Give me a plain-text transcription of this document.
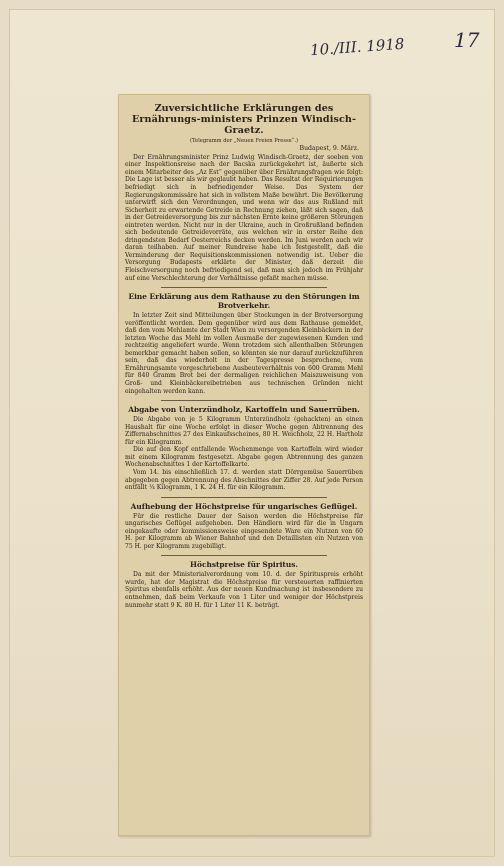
10./III. 1918 17
Zuversichtliche Erklärungen des Ernährungs-ministers Prinzen Windisch-Graetz.
(Telegramm der „Neuen Freien Presse“.)
Budapest, 9. März.

Der Ernährungsminister Prinz Ludwig Windisch-Graetz, der soeben von einer Inspektionsreise nach der Bacska zurückgekehrt ist, äußerte sich einem Mitarbeiter des „Az Est“ gegenüber über Ernährungsfragen wie folgt: Die Lage ist besser als wir geglaubt haben. Das Resultat der Requirierungen befriedigt sich in befriedigender Weise. Das System der Regierungskommissäre hat sich in vollstem Maße bewährt. Die Bevölkerung unterwirft sich den Verordnungen, und wenn wir das aus Rußland mit Sicherheit zu erwartende Getreide in Rechnung ziehen, läßt sich sagen, daß in der Getreideversorgung bis zur nächsten Ernte keine größeren Störungen eintreten werden. Nicht nur in der Ukraine, auch in Großrußland befinden sich bedeutende Getreidevorräte, aus welchen wir in erster Reihe den dringendsten Bedarf Oesterreichs decken werden. Im Juni werden auch wir daran teilhaben. Auf meiner Rundreise habe ich festgestellt, daß die Verminderung der Requisitionskommissionen notwendig ist. Ueber die Versorgung Budapests erklärte der Minister, daß derzeit die Fleischversorgung noch befriedigend sei, daß man sich jedoch im Frühjahr auf eine Verschlechterung der Verhältnisse gefaßt machen müsse.

Eine Erklärung aus dem Rathause zu den Störungen im Brotverkehr.

In letzter Zeit sind Mitteilungen über Stockungen in der Brotversorgung veröffentlicht worden. Dem gegenüber wird aus dem Rathause gemeldet, daß den vom Mehlamte der Stadt Wien zu versorgenden Kleinbäckern in der letzten Woche das Mehl im vollen Ausmaße der zugewiesenen Kunden und rechtzeitig angeliefert wurde. Wenn trotzdem sich allenthalben Störungen bemerkbar gemacht haben sollen, so könnten sie nur darauf zurückzuführen sein, daß das wiederholt in der Tagespresse besprochene, vom Ernährungsamte vorgeschriebene Ausbeuteverhältnis von 600 Gramm Mehl für 840 Gramm Brot bei der dermaligen reichlichen Maiszuweisung von Groß- und Kleinbäckereibetrieben aus technischen Gründen nicht eingehalten werden kann.

Abgabe von Unterzündholz, Kartoffeln und Sauerrüben.

Die Abgabe von je 5 Kilogramm Unterzündholz (gehackten) an einen Haushalt für eine Woche erfolgt in dieser Woche gegen Abtrennung des Ziffernabschnittes 27 des Einkaufsscheines, 80 H. Weichholz, 22 H. Hartholz für ein Kilogramm.

Die auf den Kopf entfallende Wochenmenge von Kartoffeln wird wieder mit einem Kilogramm festgesetzt. Abgabe gegen Abtrennung des ganzen Wochenabschnittes 1 der Kartoffelkarte.

Vom 14. bis einschließlich 17. d. werden statt Dörrgemüse Sauerrüben abgegeben gegen Abtrennung des Abschnittes der Ziffer 28. Auf jede Person entfällt ¼ Kilogramm, 1 K. 24 H. für ein Kilogramm.

Aufhebung der Höchstpreise für ungarisches Geflügel.

Für die restliche Dauer der Saison werden die Höchstpreise für ungarisches Geflügel aufgehoben. Den Händlern wird für die in Ungarn eingekaufte oder kommissionsweise eingesendete Ware ein Nutzen von 60 H. per Kilogramm ab Wiener Bahnhof und den Detaillisten ein Nutzen von 75 H. per Kilogramm zugebilligt.

Höchstpreise für Spiritus.

Da mit der Ministerialverordnung vom 10. d. der Spirituspreis erhöht wurde, hat der Magistrat die Höchstpreise für versteuerten raffinierten Spiritus ebenfalls erhöht. Aus der neuen Kundmachung ist insbesondere zu entnehmen, daß beim Verkaufe von 1 Liter und weniger der Höchstpreis nunmehr statt 9 K. 80 H. für 1 Liter 11 K. beträgt.
